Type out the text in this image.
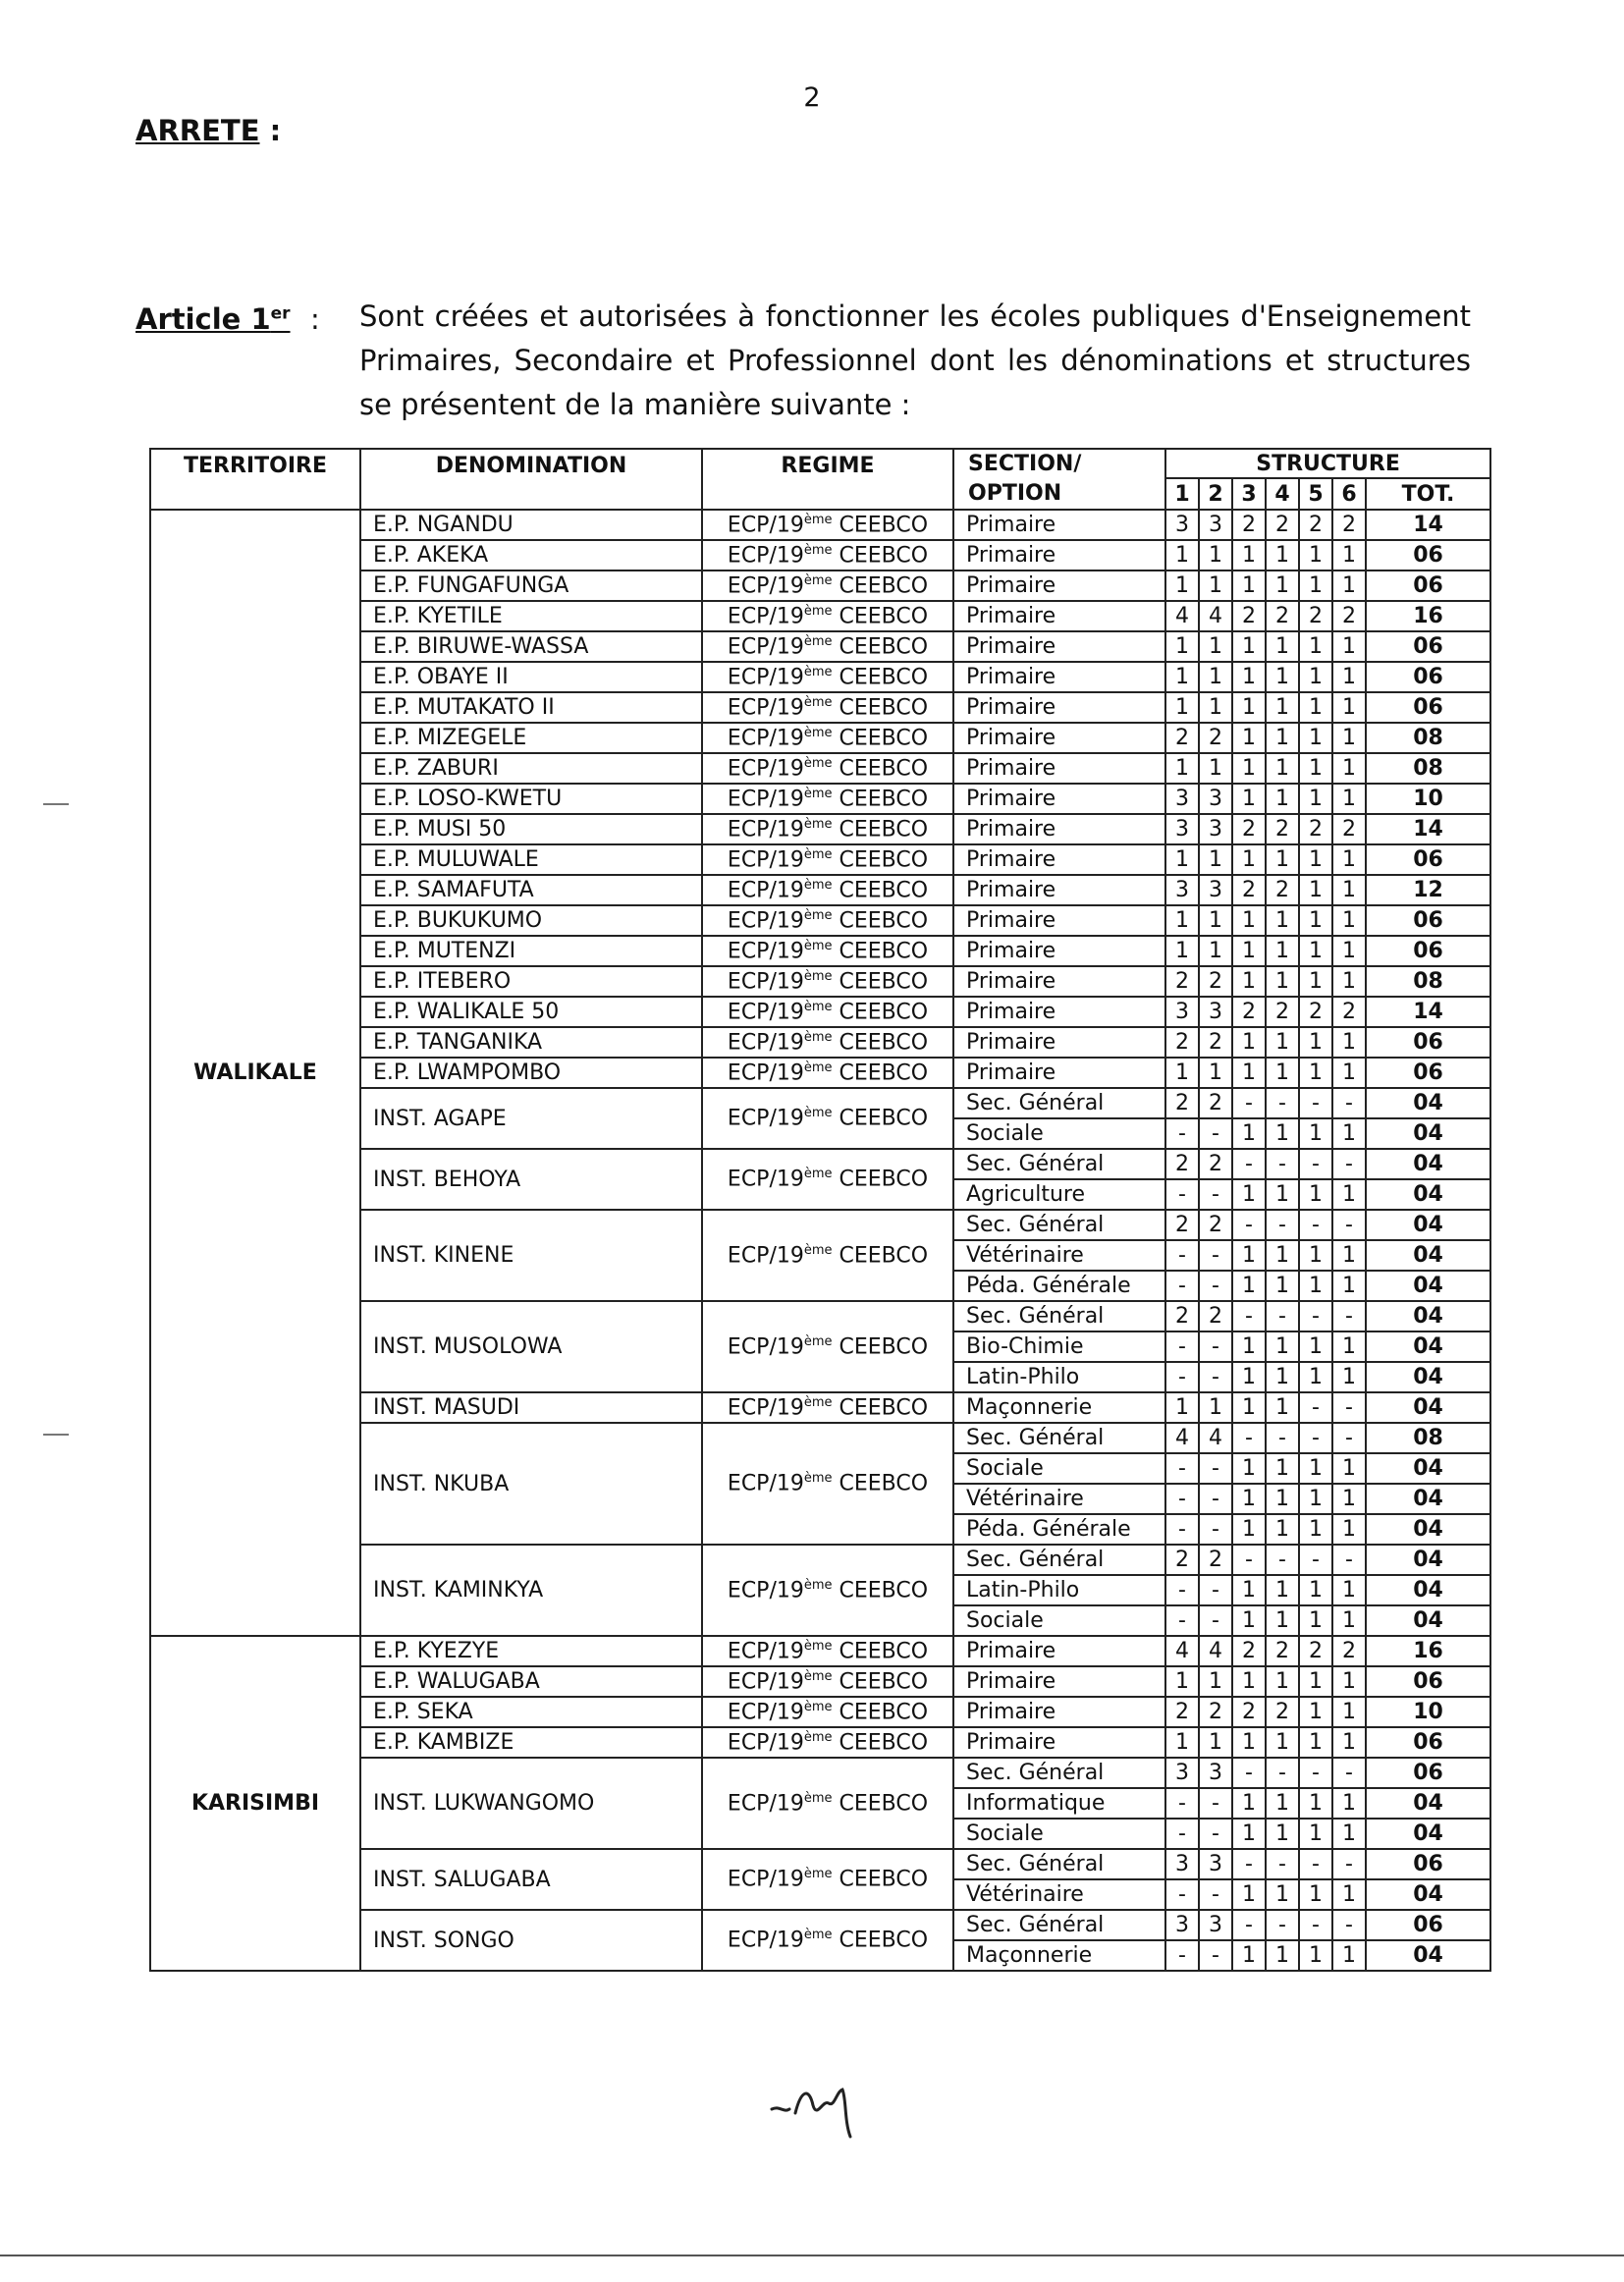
2
ARRETE :
Article 1er : Sont créées et autorisées à fonctionner les écoles publiques d'Enseignement Primaires, Secondaire et Professionnel dont les dénominations et structures se présentent de la manière suivante :
TERRITOIRE	DENOMINATION	REGIME	SECTION/ OPTION	STRUCTURE						
				1	2	3	4	5	6	TOT.
WALIKALE	E.P. NGANDU	ECP/19ème CEEBCO	Primaire	3	3	2	2	2	2	14
	E.P. AKEKA	ECP/19ème CEEBCO	Primaire	1	1	1	1	1	1	06
	E.P. FUNGAFUNGA	ECP/19ème CEEBCO	Primaire	1	1	1	1	1	1	06
	E.P. KYETILE	ECP/19ème CEEBCO	Primaire	4	4	2	2	2	2	16
	E.P. BIRUWE-WASSA	ECP/19ème CEEBCO	Primaire	1	1	1	1	1	1	06
	E.P. OBAYE II	ECP/19ème CEEBCO	Primaire	1	1	1	1	1	1	06
	E.P. MUTAKATO II	ECP/19ème CEEBCO	Primaire	1	1	1	1	1	1	06
	E.P. MIZEGELE	ECP/19ème CEEBCO	Primaire	2	2	1	1	1	1	08
	E.P. ZABURI	ECP/19ème CEEBCO	Primaire	1	1	1	1	1	1	08
	E.P. LOSO-KWETU	ECP/19ème CEEBCO	Primaire	3	3	1	1	1	1	10
	E.P. MUSI 50	ECP/19ème CEEBCO	Primaire	3	3	2	2	2	2	14
	E.P. MULUWALE	ECP/19ème CEEBCO	Primaire	1	1	1	1	1	1	06
	E.P. SAMAFUTA	ECP/19ème CEEBCO	Primaire	3	3	2	2	1	1	12
	E.P. BUKUKUMO	ECP/19ème CEEBCO	Primaire	1	1	1	1	1	1	06
	E.P. MUTENZI	ECP/19ème CEEBCO	Primaire	1	1	1	1	1	1	06
	E.P. ITEBERO	ECP/19ème CEEBCO	Primaire	2	2	1	1	1	1	08
	E.P. WALIKALE 50	ECP/19ème CEEBCO	Primaire	3	3	2	2	2	2	14
	E.P. TANGANIKA	ECP/19ème CEEBCO	Primaire	2	2	1	1	1	1	06
	E.P. LWAMPOMBO	ECP/19ème CEEBCO	Primaire	1	1	1	1	1	1	06
	INST. AGAPE	ECP/19ème CEEBCO	Sec. Général	2	2	-	-	-	-	04
			Sociale	-	-	1	1	1	1	04
	INST. BEHOYA	ECP/19ème CEEBCO	Sec. Général	2	2	-	-	-	-	04
			Agriculture	-	-	1	1	1	1	04
	INST. KINENE	ECP/19ème CEEBCO	Sec. Général	2	2	-	-	-	-	04
			Vétérinaire	-	-	1	1	1	1	04
			Péda. Générale	-	-	1	1	1	1	04
	INST. MUSOLOWA	ECP/19ème CEEBCO	Sec. Général	2	2	-	-	-	-	04
			Bio-Chimie	-	-	1	1	1	1	04
			Latin-Philo	-	-	1	1	1	1	04
	INST. MASUDI	ECP/19ème CEEBCO	Maçonnerie	1	1	1	1	-	-	04
	INST. NKUBA	ECP/19ème CEEBCO	Sec. Général	4	4	-	-	-	-	08
			Sociale	-	-	1	1	1	1	04
			Vétérinaire	-	-	1	1	1	1	04
			Péda. Générale	-	-	1	1	1	1	04
	INST. KAMINKYA	ECP/19ème CEEBCO	Sec. Général	2	2	-	-	-	-	04
			Latin-Philo	-	-	1	1	1	1	04
			Sociale	-	-	1	1	1	1	04
KARISIMBI	E.P. KYEZYE	ECP/19ème CEEBCO	Primaire	4	4	2	2	2	2	16
	E.P. WALUGABA	ECP/19ème CEEBCO	Primaire	1	1	1	1	1	1	06
	E.P. SEKA	ECP/19ème CEEBCO	Primaire	2	2	2	2	1	1	10
	E.P. KAMBIZE	ECP/19ème CEEBCO	Primaire	1	1	1	1	1	1	06
	INST. LUKWANGOMO	ECP/19ème CEEBCO	Sec. Général	3	3	-	-	-	-	06
			Informatique	-	-	1	1	1	1	04
			Sociale	-	-	1	1	1	1	04
	INST. SALUGABA	ECP/19ème CEEBCO	Sec. Général	3	3	-	-	-	-	06
			Vétérinaire	-	-	1	1	1	1	04
	INST. SONGO	ECP/19ème CEEBCO	Sec. Général	3	3	-	-	-	-	06
			Maçonnerie	-	-	1	1	1	1	04
